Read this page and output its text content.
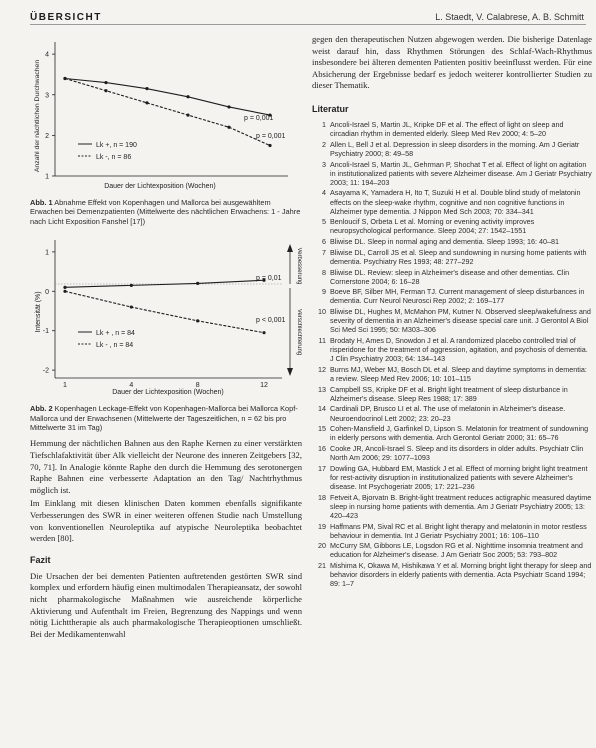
ÜBERSICHT	L. Staedt, V. Calabrese, A. B. Schmitt
Anzahl der nächtlichen Durchwachen
4
3
2
1
p = 0,001
p = 0,001
Lk +, n = 190
Lk -, n = 86
Dauer der Lichtexposition (Wochen)
Abb. 1 Abnahme Effekt von Kopenhagen und Mallorca bei ausgewähltem Erwachen bei Demenzpatienten (Mittelwerte des nächtlichen Erwachens: 1 - Jahre nach Licht Exposition Fanshel [17])
Intensität (%)
1
0
-1
-2
1	4	8	12
p = 0,01
p < 0,001
Verbesserung
Verschlechterung
Lk + , n = 84
Lk - , n = 84
Dauer der Lichtexposition (Wochen)
Abb. 2 Kopenhagen Leckage-Effekt von Kopenhagen-Mallorca bei Mallorca Kopf-Mallorca und der Erwachsenen (Mittelwerte der Tageszeitlichen, n = 62 bis pro Mittelwerte 31 im Tag)

Hemmung der nächtlichen Bahnen aus den Raphe Kernen zu einer verstärkten Tiefschlafaktivität über Alk vielleicht der Neurone des inneren Zeitgebers [32, 70, 71]. In Analogie könnte Raphe den durch die Hemmung des serotonergen Raphe Bahnen eine verbesserte Adaptation an den Tag/ Nachtrhythmus möglich ist.

Im Einklang mit diesen klinischen Daten kommen ebenfalls signifikante Verbesserungen des SWR in einer weiteren offenen Studie nach Umstellung von konventionellen Neuroleptika auf atypische Neuroleptika beobachtet werden [80].

Fazit

Die Ursachen der bei dementen Patienten auftretenden gestörten SWR sind komplex und erfordern häufig einen multimodalen Therapieansatz, der sowohl nicht pharmakologische Maßnahmen wie ausreichende körperliche Aktivierung und Aufenthalt im Freien, Begrenzung des Nappings und wenn nötig Lichttherapie als auch pharmakologische Therapieoptionen umschließt. Bei der Medikamentenwahl

gegen den therapeutischen Nutzen abgewogen werden. Die bisherige Datenlage weist darauf hin, dass Rhythmen Störungen des Schlaf-Wach-Rhythmus insbesondere bei älteren dementen Patienten positiv beeinflusst werden. Für eine Absicherung der Ergebnisse bedarf es jedoch weiterer kontrollierter Studien zu dieser Thematik.

Literatur
1 Ancoli-Israel S, Martin JL, Kripke DF et al. The effect of light on sleep and circadian rhythm in demented elderly. Sleep Med Rev 2000; 4: 5–20
2 Allen L, Bell J et al. Depression in sleep disorders in the morning. Am J Geriatr Psychiatry 2000; 8: 49–58
3 Ancoli-Israel S, Martin JL, Gehrman P, Shochat T et al. Effect of light on agitation in institutionalized patients with severe Alzheimer disease. Am J Geriatr Psychiatry 2003; 11: 194–203
4 Asayama K, Yamadera H, Ito T, Suzuki H et al. Double blind study of melatonin effects on the sleep-wake rhythm, cognitive and non cognitive functions in Alzheimer type dementia. J Nippon Med Sch 2003; 70: 334–341
5 Benloucif S, Orbeta L et al. Morning or evening activity improves neuropsychological performance. Sleep 2004; 27: 1542–1551
6 Bliwise DL. Sleep in normal aging and dementia. Sleep 1993; 16: 40–81
7 Bliwise DL, Carroll JS et al. Sleep and sundowning in nursing home patients with dementia. Psychiatry Res 1993; 48: 277–292
8 Bliwise DL. Review: sleep in Alzheimer's disease and other dementias. Clin Cornerstone 2004; 6: 16–28
9 Boeve BF, Silber MH, Ferman TJ. Current management of sleep disturbances in dementia. Curr Neurol Neurosci Rep 2002; 2: 169–177
10 Bliwise DL, Hughes M, McMahon PM, Kutner N. Observed sleep/wakefulness and severity of dementia in an Alzheimer's disease special care unit. J Gerontol A Biol Sci Med Sci 1995; 50: M303–306
11 Brodaty H, Ames D, Snowdon J et al. A randomized placebo controlled trial of risperidone for the treatment of aggression, agitation, and psychosis of dementia. J Clin Psychiatry 2003; 64: 134–143
12 Burns MJ, Weber MJ, Bosch DL et al. Sleep and daytime symptoms in dementia: a review. Sleep Med Rev 2006; 10: 101–115
13 Campbell SS, Kripke DF et al. Bright light treatment of sleep disturbance in Alzheimer's disease. Sleep Res 1988; 17: 389
14 Cardinali DP, Brusco LI et al. The use of melatonin in Alzheimer's disease. Neuroendocrinol Lett 2002; 23: 20–23
15 Cohen-Mansfield J, Garfinkel D, Lipson S. Melatonin for treatment of sundowning in elderly persons with dementia. Arch Gerontol Geriatr 2000; 31: 65–76
16 Cooke JR, Ancoli-Israel S. Sleep and its disorders in older adults. Psychiatr Clin North Am 2006; 29: 1077–1093
17 Dowling GA, Hubbard EM, Mastick J et al. Effect of morning bright light treatment for rest-activity disruption in institutionalized patients with severe Alzheimer's disease. Int Psychogeriatr 2005; 17: 221–236
18 Fetveit A, Bjorvatn B. Bright-light treatment reduces actigraphic measured daytime sleep in nursing home patients with dementia. Am J Geriatr Psychiatry 2005; 13: 420–423
19 Haffmans PM, Sival RC et al. Bright light therapy and melatonin in motor restless behaviour in dementia. Int J Geriatr Psychiatry 2001; 16: 106–110
20 McCurry SM, Gibbons LE, Logsdon RG et al. Nighttime insomnia treatment and education for Alzheimer's disease. J Am Geriatr Soc 2005; 53: 793–802
21 Mishima K, Okawa M, Hishikawa Y et al. Morning bright light therapy for sleep and behavior disorders in elderly patients with dementia. Acta Psychiatr Scand 1994; 89: 1–7
